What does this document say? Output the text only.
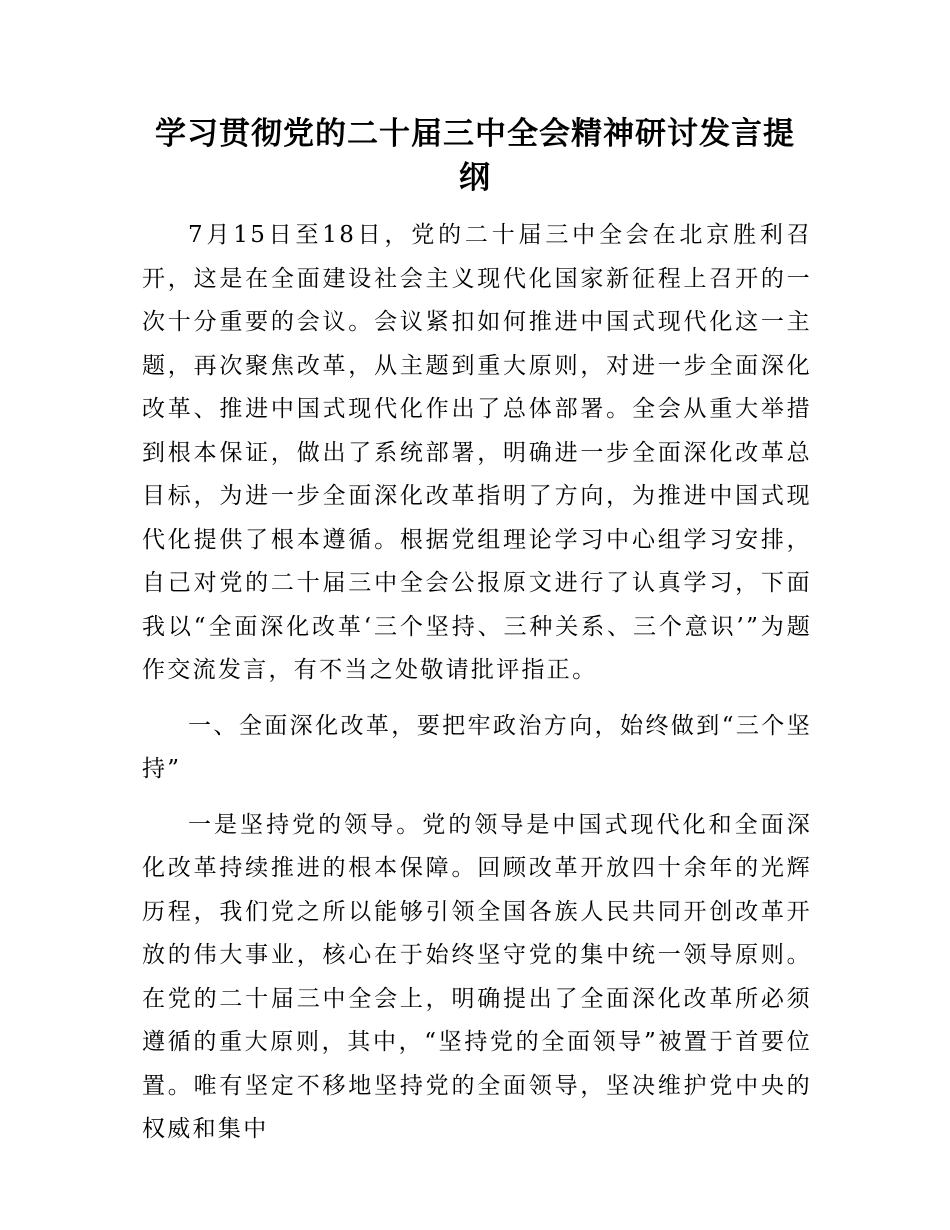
学习贯彻党的二十届三中全会精神研讨发言提纲

7月15日至18日，党的二十届三中全会在北京胜利召开，这是在全面建设社会主义现代化国家新征程上召开的一次十分重要的会议。会议紧扣如何推进中国式现代化这一主题，再次聚焦改革，从主题到重大原则，对进一步全面深化改革、推进中国式现代化作出了总体部署。全会从重大举措到根本保证，做出了系统部署，明确进一步全面深化改革总目标，为进一步全面深化改革指明了方向，为推进中国式现代化提供了根本遵循。根据党组理论学习中心组学习安排，自己对党的二十届三中全会公报原文进行了认真学习，下面我以“全面深化改革‘三个坚持、三种关系、三个意识’”为题作交流发言，有不当之处敬请批评指正。

一、全面深化改革，要把牢政治方向，始终做到“三个坚持”

一是坚持党的领导。党的领导是中国式现代化和全面深化改革持续推进的根本保障。回顾改革开放四十余年的光辉历程，我们党之所以能够引领全国各族人民共同开创改革开放的伟大事业，核心在于始终坚守党的集中统一领导原则。在党的二十届三中全会上，明确提出了全面深化改革所必须遵循的重大原则，其中，“坚持党的全面领导”被置于首要位置。唯有坚定不移地坚持党的全面领导，坚决维护党中央的权威和集中
